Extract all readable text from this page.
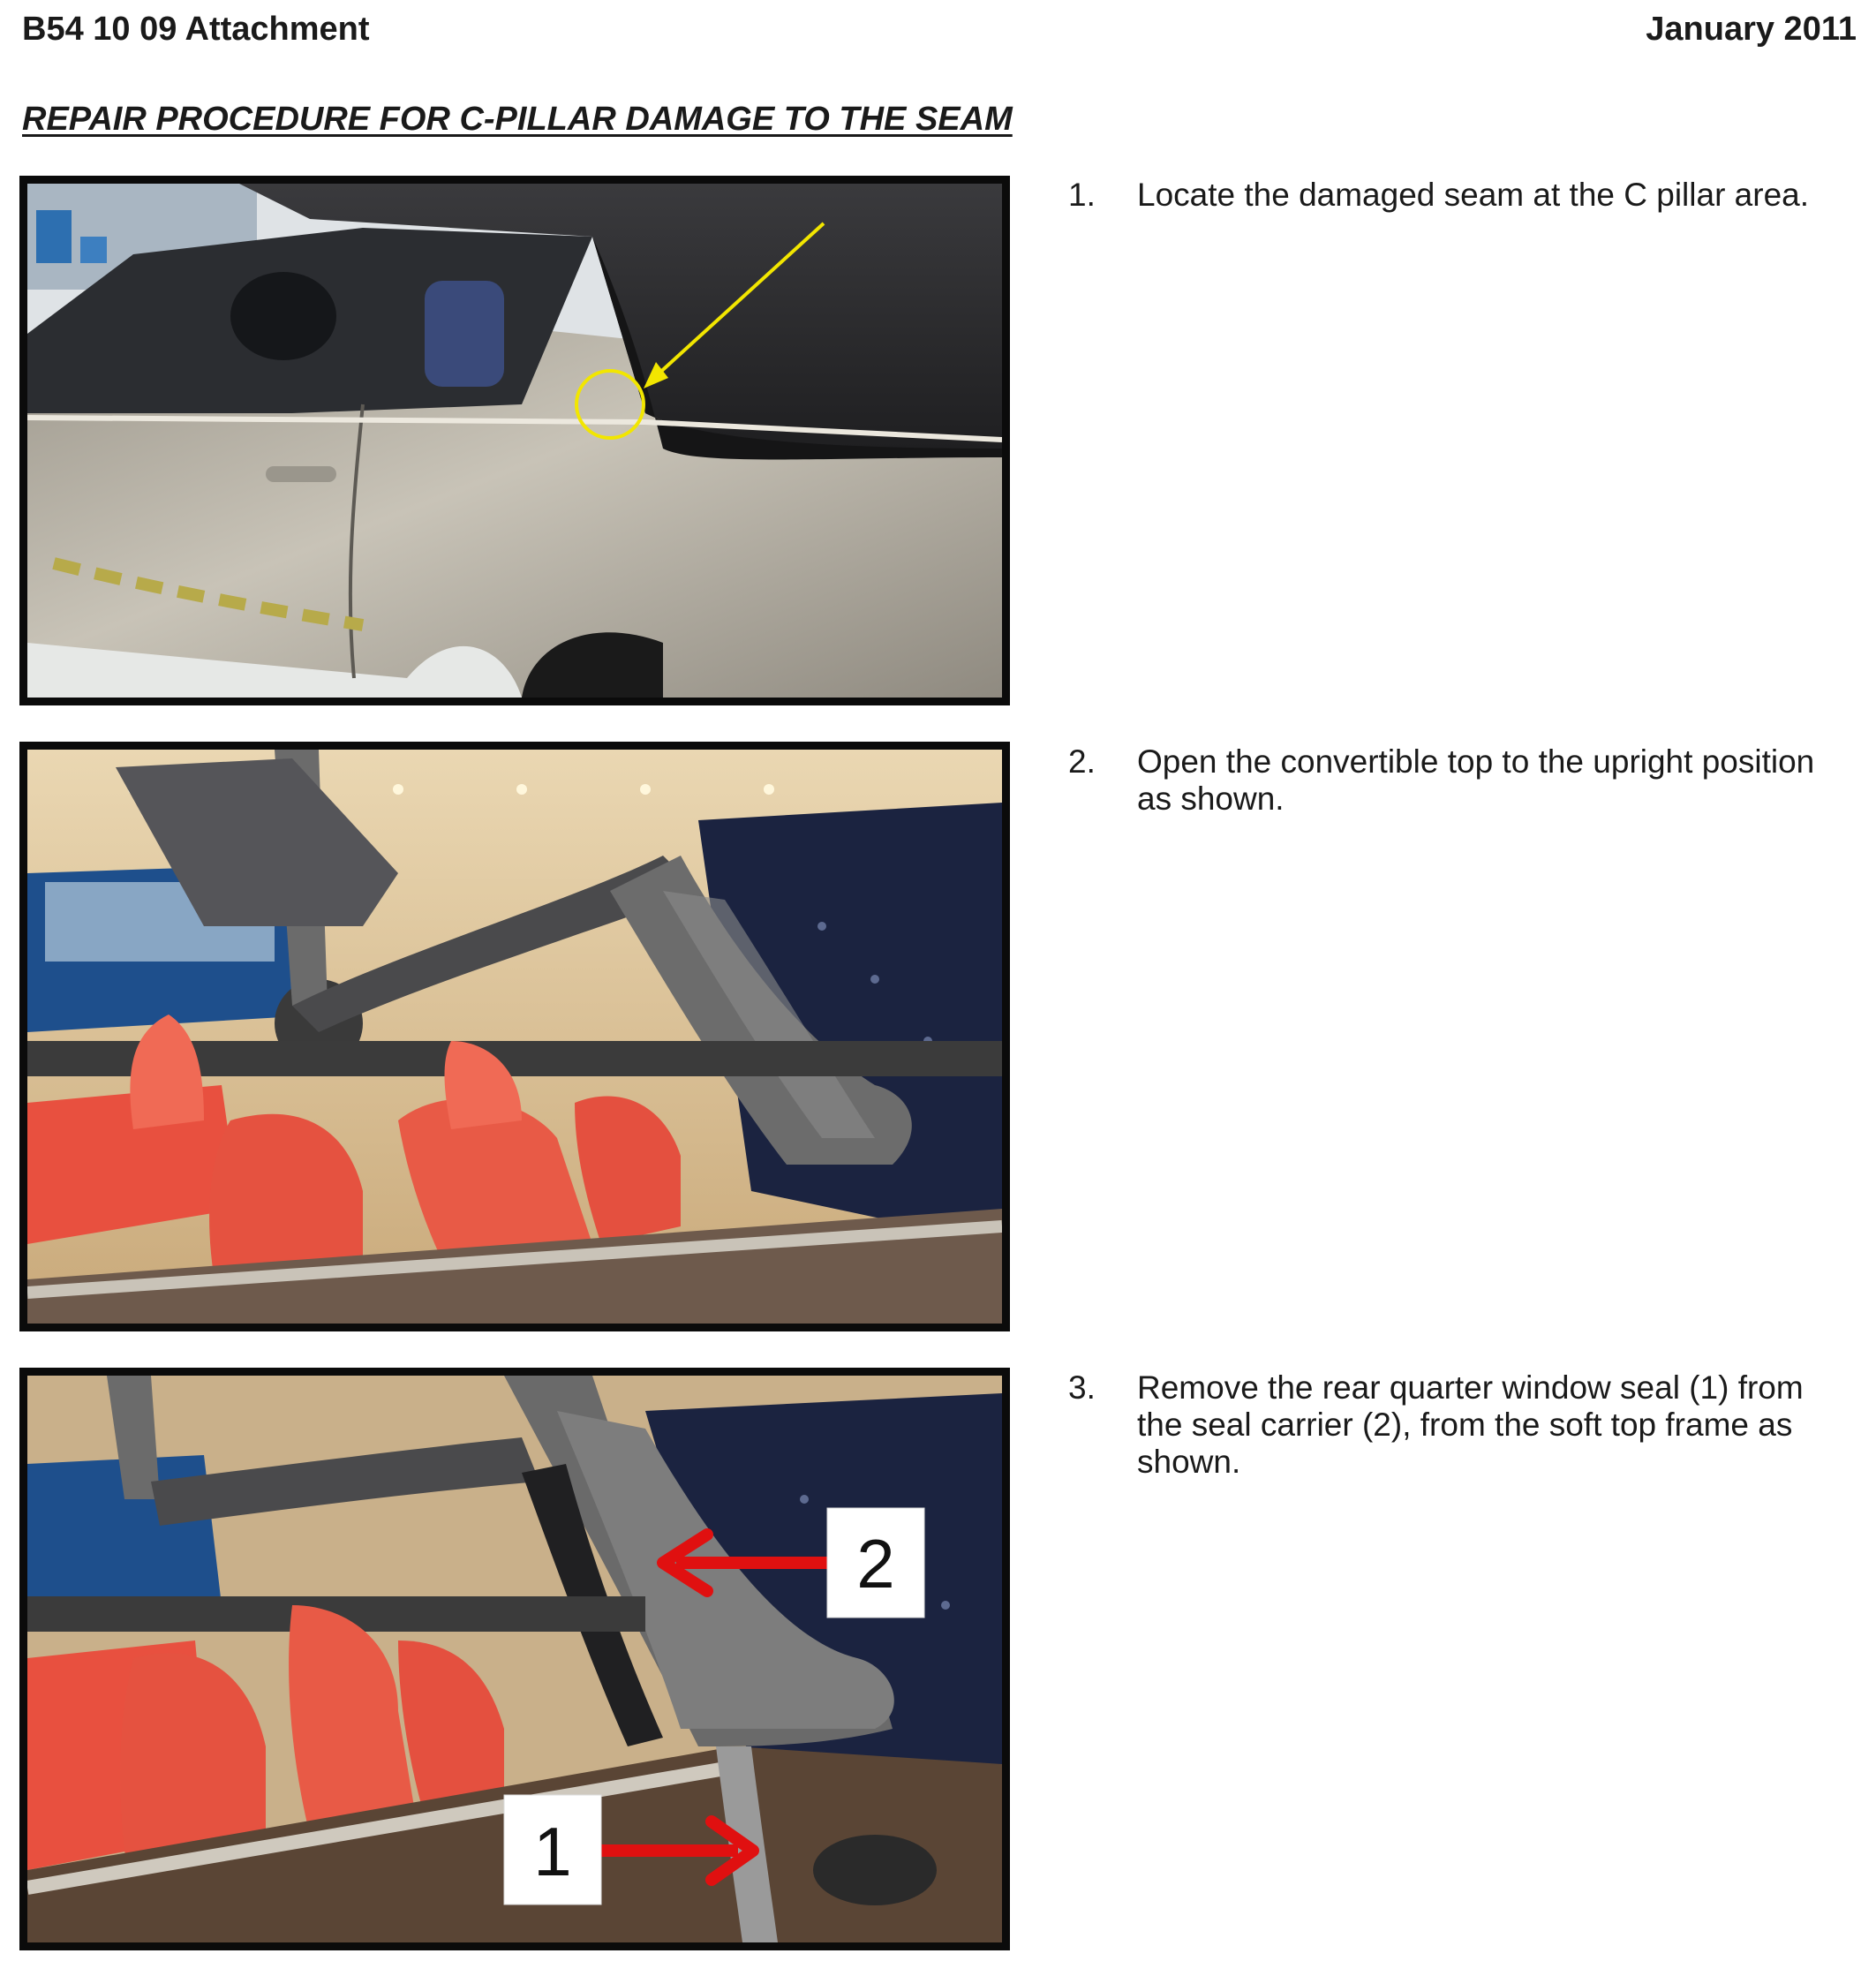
B54 10 09 Attachment	January 2011
REPAIR PROCEDURE FOR C-PILLAR DAMAGE TO THE SEAM
1.	Locate the damaged seam at the C pillar area.
2.	Open the convertible top to the upright position as shown.
2
1
3.	Remove the rear quarter window seal (1) from the seal carrier (2), from the soft top frame as shown.
